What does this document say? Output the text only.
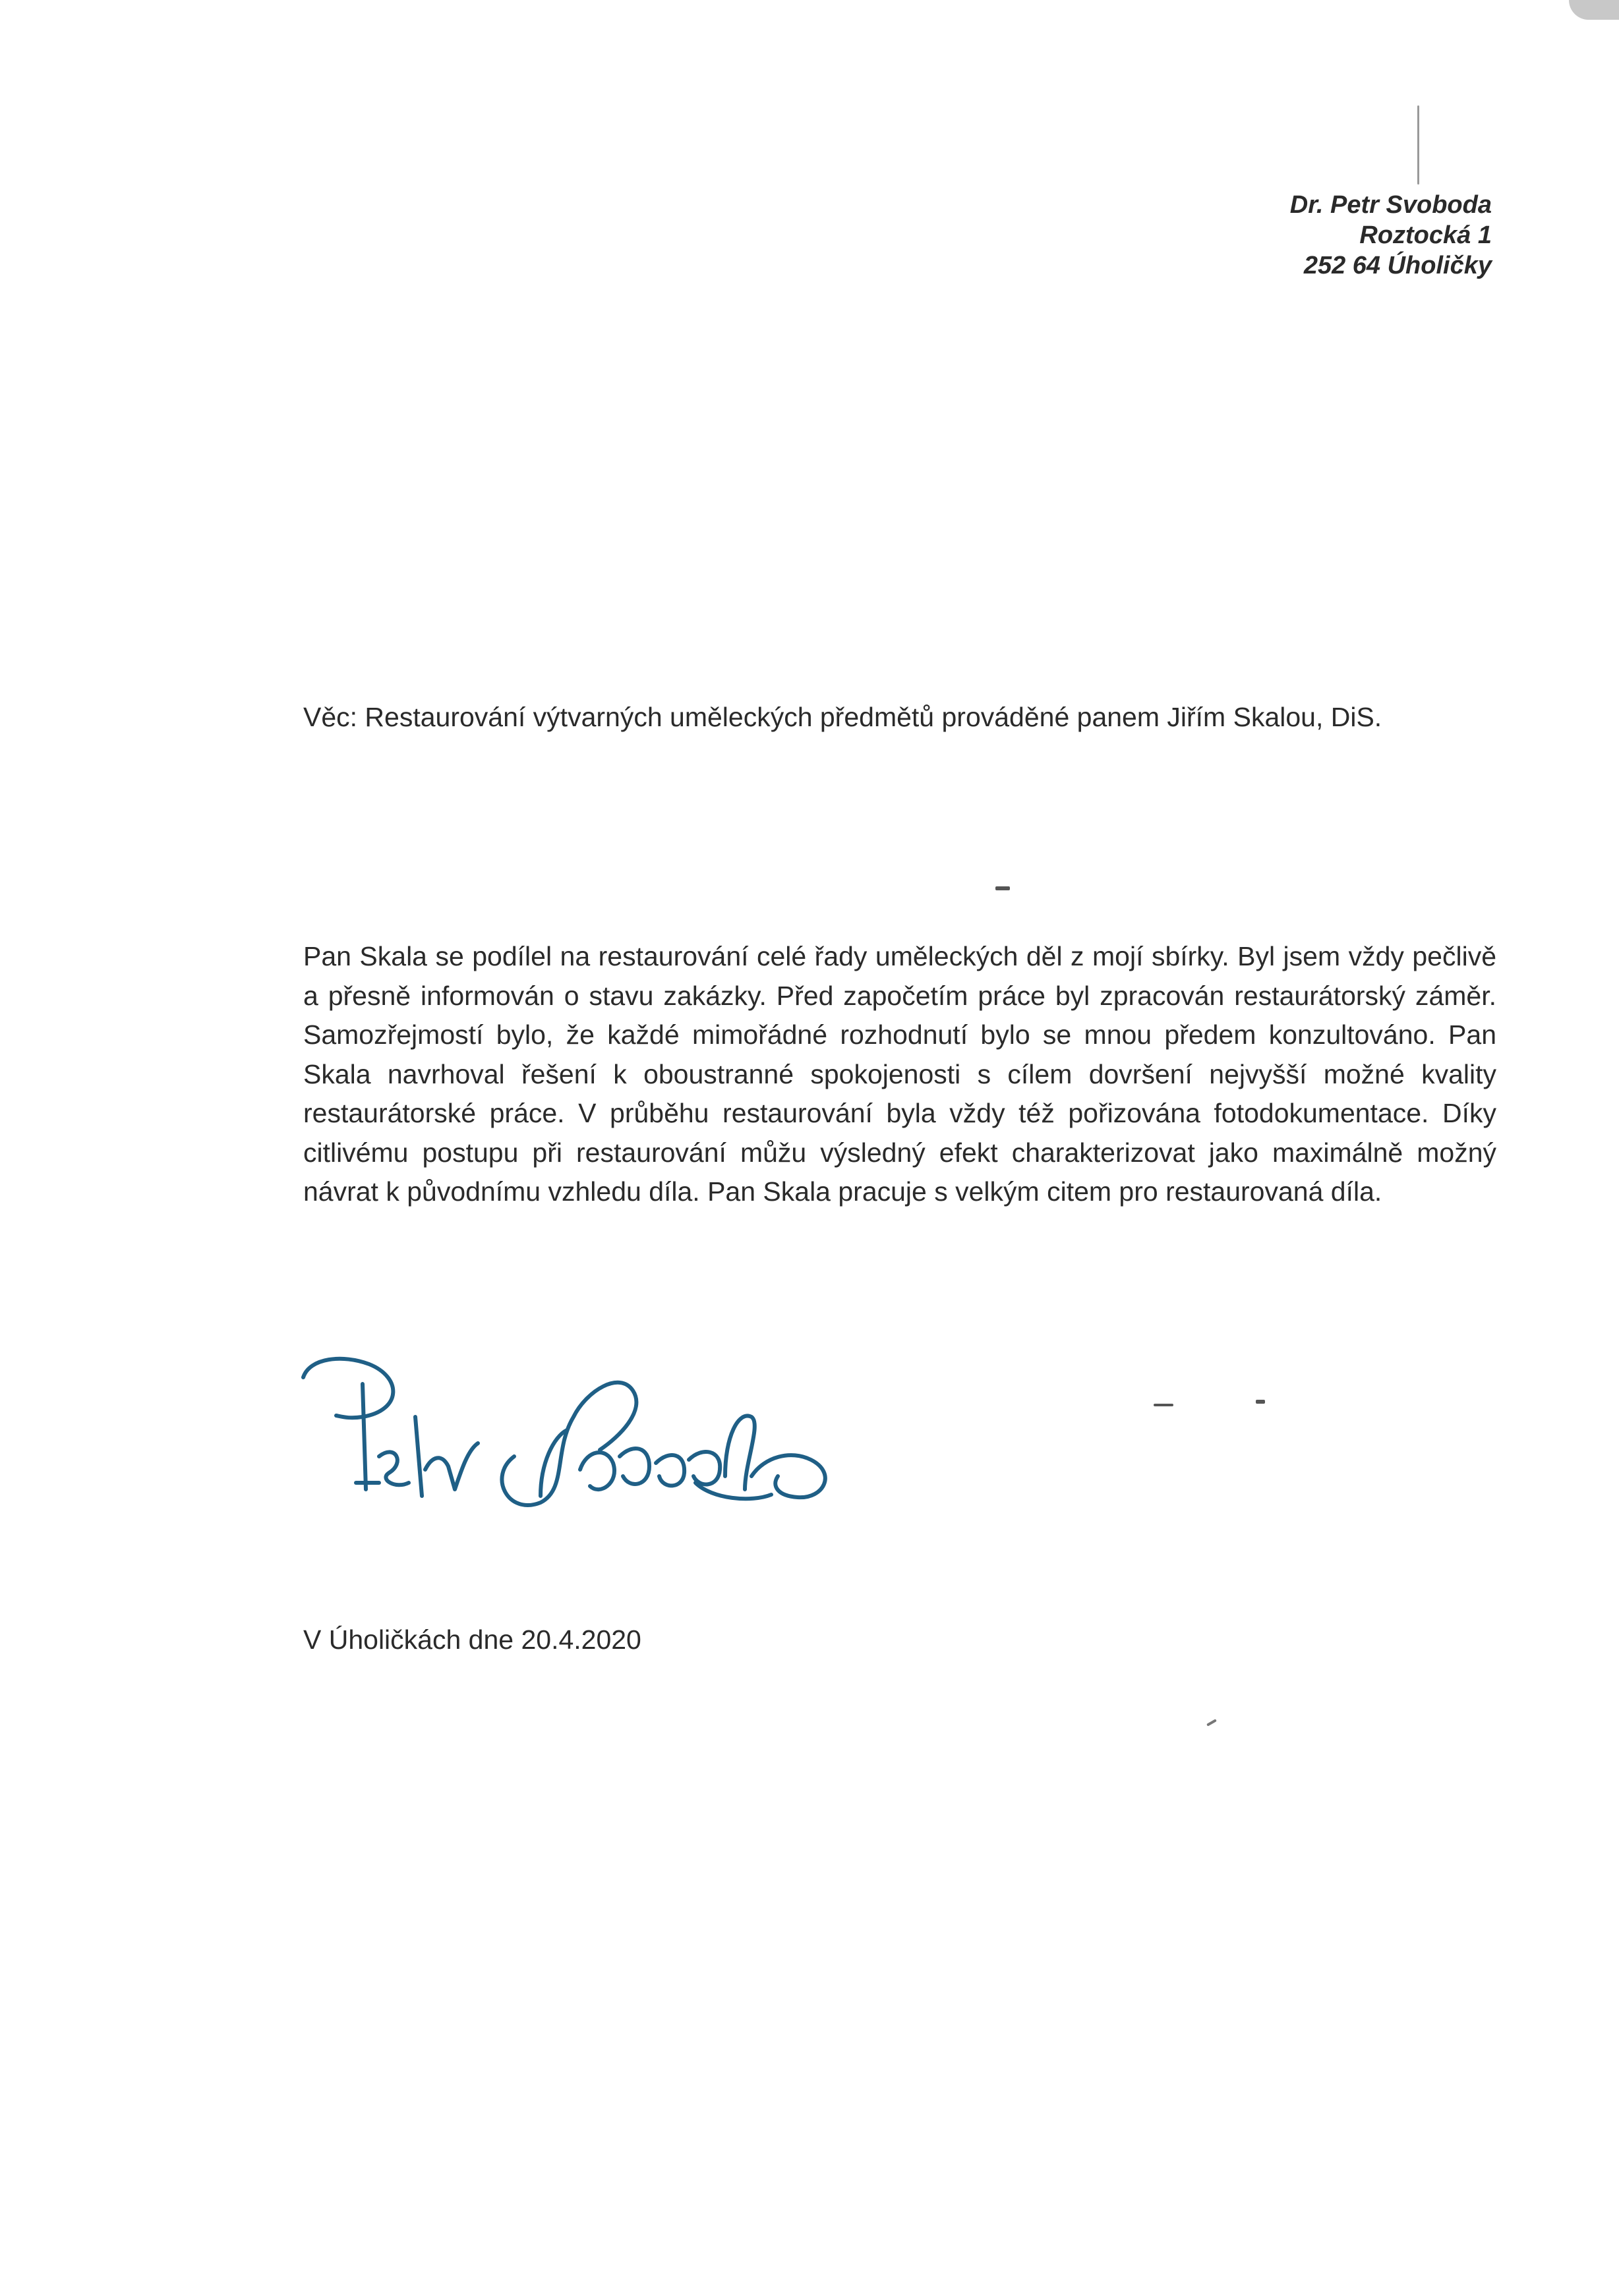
Dr. Petr Svoboda
Roztocká 1
252 64 Úholičky
Věc: Restaurování výtvarných uměleckých předmětů prováděné panem Jiřím Skalou, DiS.
Pan Skala se podílel na restaurování celé řady uměleckých děl z mojí sbírky. Byl jsem vždy pečlivě a přesně informován o stavu zakázky. Před započetím práce byl zpracován restaurátorský záměr. Samozřejmostí bylo, že každé mimořádné rozhodnutí bylo se mnou předem konzultováno. Pan Skala navrhoval řešení k oboustranné spokojenosti s cílem dovršení nejvyšší možné kvality restaurátorské práce. V průběhu restaurování byla vždy též pořizována fotodokumentace. Díky citlivému postupu při restaurování můžu výsledný efekt charakterizovat jako maximálně možný návrat k původnímu vzhledu díla. Pan Skala pracuje s velkým citem pro restaurovaná díla.
V Úholičkách dne 20.4.2020
